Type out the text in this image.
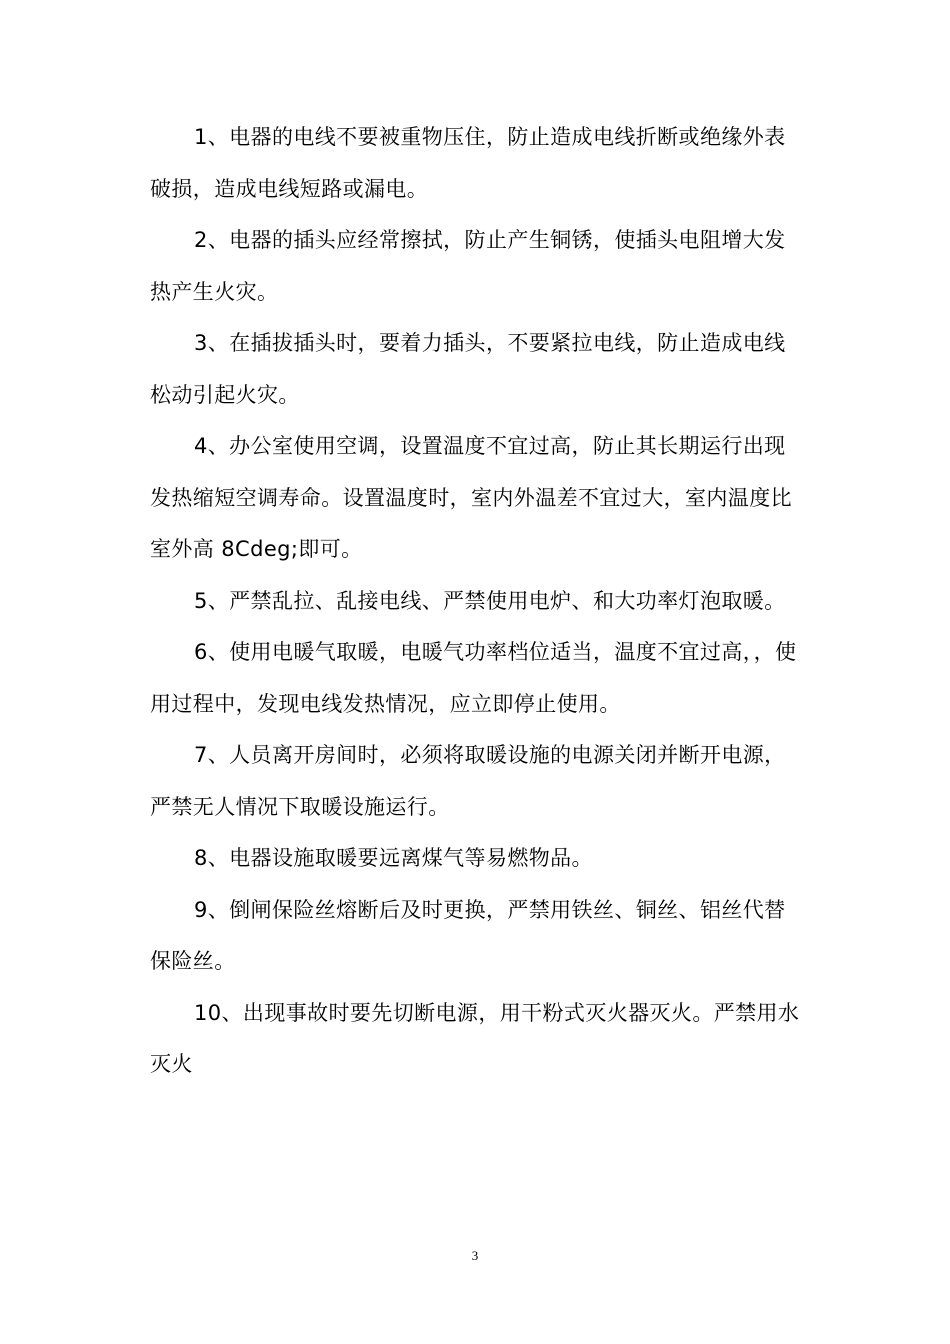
1、电器的电线不要被重物压住，防止造成电线折断或绝缘外表破损，造成电线短路或漏电。

2、电器的插头应经常擦拭，防止产生铜锈，使插头电阻增大发热产生火灾。

3、在插拔插头时，要着力插头，不要紧拉电线，防止造成电线松动引起火灾。

4、办公室使用空调，设置温度不宜过高，防止其长期运行出现发热缩短空调寿命。设置温度时，室内外温差不宜过大，室内温度比室外高 8Cdeg;即可。

5、严禁乱拉、乱接电线、严禁使用电炉、和大功率灯泡取暖。

6、使用电暖气取暖，电暖气功率档位适当，温度不宜过高，，使用过程中，发现电线发热情况，应立即停止使用。

7、人员离开房间时，必须将取暖设施的电源关闭并断开电源，严禁无人情况下取暖设施运行。

8、电器设施取暖要远离煤气等易燃物品。

9、倒闸保险丝熔断后及时更换，严禁用铁丝、铜丝、铝丝代替保险丝。

10、出现事故时要先切断电源，用干粉式灭火器灭火。严禁用水灭火

3
